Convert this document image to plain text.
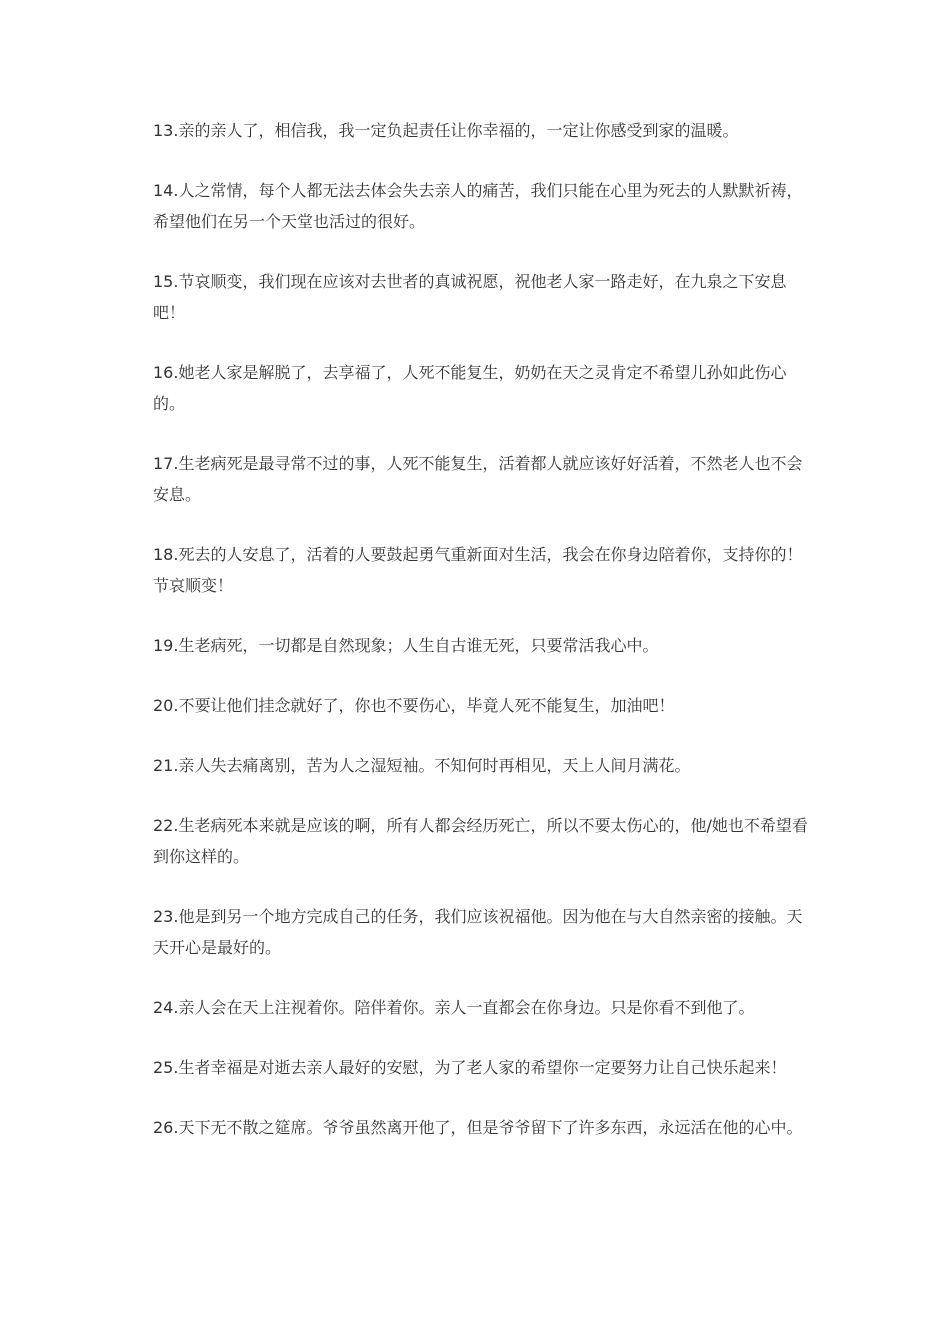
13.亲的亲人了，相信我，我一定负起责任让你幸福的，一定让你感受到家的温暖。

14.人之常情，每个人都无法去体会失去亲人的痛苦，我们只能在心里为死去的人默默祈祷，希望他们在另一个天堂也活过的很好。

15.节哀顺变，我们现在应该对去世者的真诚祝愿，祝他老人家一路走好，在九泉之下安息吧！

16.她老人家是解脱了，去享福了，人死不能复生，奶奶在天之灵肯定不希望儿孙如此伤心的。

17.生老病死是最寻常不过的事，人死不能复生，活着都人就应该好好活着，不然老人也不会安息。

18.死去的人安息了，活着的人要鼓起勇气重新面对生活，我会在你身边陪着你，支持你的！节哀顺变！

19.生老病死，一切都是自然现象；人生自古谁无死，只要常活我心中。

20.不要让他们挂念就好了，你也不要伤心，毕竟人死不能复生，加油吧！

21.亲人失去痛离别，苦为人之湿短袖。不知何时再相见，天上人间月满花。

22.生老病死本来就是应该的啊，所有人都会经历死亡，所以不要太伤心的，他/她也不希望看到你这样的。

23.他是到另一个地方完成自己的任务，我们应该祝福他。因为他在与大自然亲密的接触。天天开心是最好的。

24.亲人会在天上注视着你。陪伴着你。亲人一直都会在你身边。只是你看不到他了。

25.生者幸福是对逝去亲人最好的安慰，为了老人家的希望你一定要努力让自己快乐起来！

26.天下无不散之筵席。爷爷虽然离开他了，但是爷爷留下了许多东西，永远活在他的心中。
